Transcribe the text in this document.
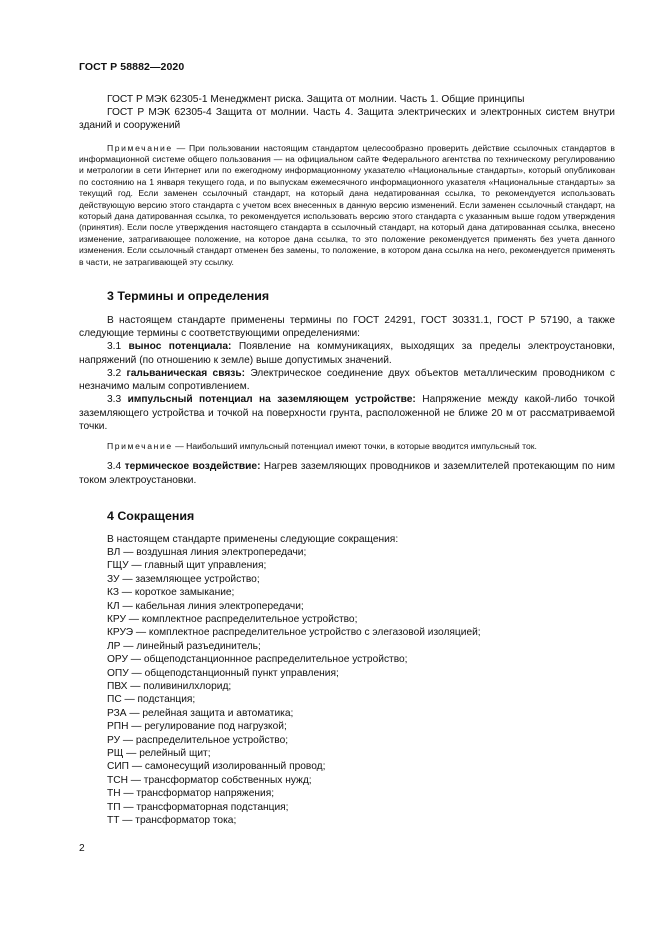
ГОСТ Р 58882—2020

ГОСТ Р МЭК 62305-1 Менеджмент риска. Защита от молнии. Часть 1. Общие принципы

ГОСТ Р МЭК 62305-4 Защита от молнии. Часть 4. Защита электрических и электронных систем внутри зданий и сооружений

Примечание — При пользовании настоящим стандартом целесообразно проверить действие ссылочных стандартов в информационной системе общего пользования — на официальном сайте Федерального агентства по техническому регулированию и метрологии в сети Интернет или по ежегодному информационному указателю «Национальные стандарты», который опубликован по состоянию на 1 января текущего года, и по выпускам ежемесячного информационного указателя «Национальные стандарты» за текущий год. Если заменен ссылочный стандарт, на который дана недатированная ссылка, то рекомендуется использовать действующую версию этого стандарта с учетом всех внесенных в данную версию изменений. Если заменен ссылочный стандарт, на который дана датированная ссылка, то рекомендуется использовать версию этого стандарта с указанным выше годом утверждения (принятия). Если после утверждения настоящего стандарта в ссылочный стандарт, на который дана датированная ссылка, внесено изменение, затрагивающее положение, на которое дана ссылка, то это положение рекомендуется применять без учета данного изменения. Если ссылочный стандарт отменен без замены, то положение, в котором дана ссылка на него, рекомендуется применять в части, не затрагивающей эту ссылку.

3 Термины и определения

В настоящем стандарте применены термины по ГОСТ 24291, ГОСТ 30331.1, ГОСТ Р 57190, а также следующие термины с соответствующими определениями:

3.1 вынос потенциала: Появление на коммуникациях, выходящих за пределы электроустановки, напряжений (по отношению к земле) выше допустимых значений.

3.2 гальваническая связь: Электрическое соединение двух объектов металлическим проводником с незначимо малым сопротивлением.

3.3 импульсный потенциал на заземляющем устройстве: Напряжение между какой-либо точкой заземляющего устройства и точкой на поверхности грунта, расположенной не ближе 20 м от рассматриваемой точки.

Примечание — Наибольший импульсный потенциал имеют точки, в которые вводится импульсный ток.

3.4 термическое воздействие: Нагрев заземляющих проводников и заземлителей протекающим по ним током электроустановки.

4 Сокращения

В настоящем стандарте применены следующие сокращения:

ВЛ — воздушная линия электропередачи;
ГЩУ — главный щит управления;
ЗУ — заземляющее устройство;
КЗ — короткое замыкание;
КЛ — кабельная линия электропередачи;
КРУ — комплектное распределительное устройство;
КРУЭ — комплектное распределительное устройство с элегазовой изоляцией;
ЛР — линейный разъединитель;
ОРУ — общеподстанционнное распределительное устройство;
ОПУ — общеподстанционный пункт управления;
ПВХ — поливинилхлорид;
ПС — подстанция;
РЗА — релейная защита и автоматика;
РПН — регулирование под нагрузкой;
РУ — распределительное устройство;
РЩ — релейный щит;
СИП — самонесущий изолированный провод;
ТСН — трансформатор собственных нужд;
ТН — трансформатор напряжения;
ТП — трансформаторная подстанция;
ТТ — трансформатор тока;
2
